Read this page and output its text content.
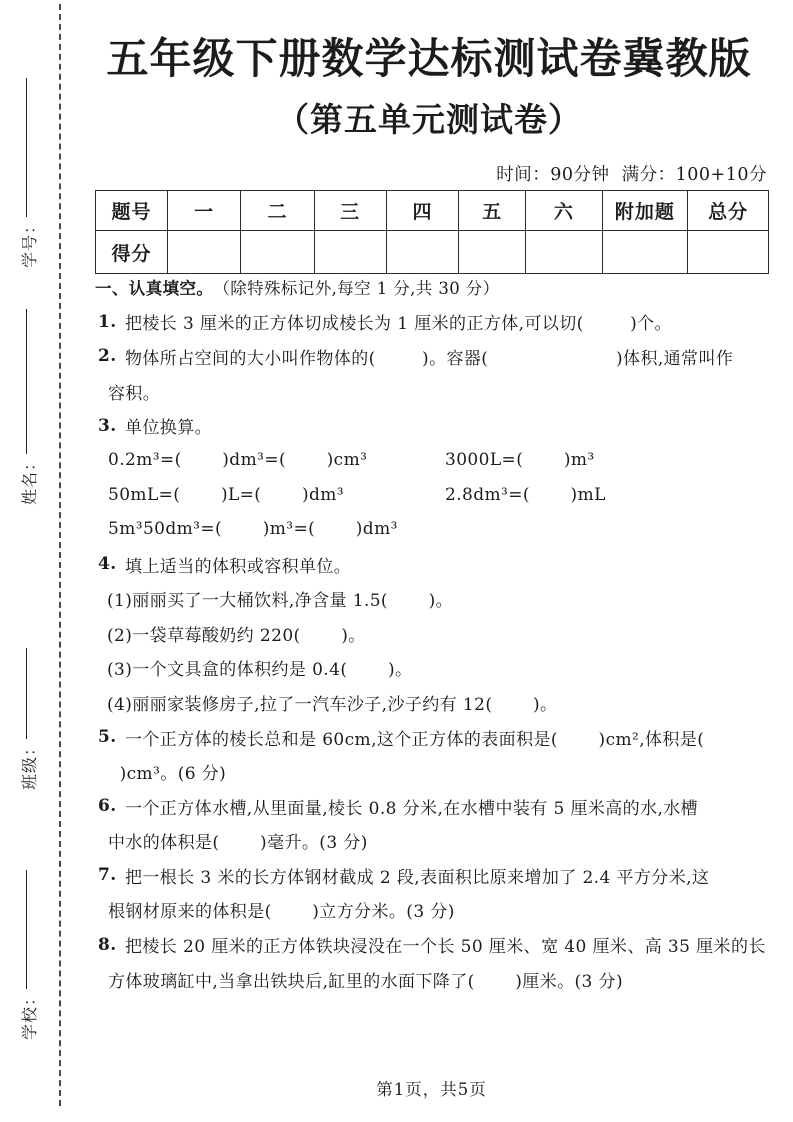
学号：
姓名：
班级：
学校：
五年级下册数学达标测试卷冀教版
（第五单元测试卷）
时间：90分钟  满分：100+10分
题号	一	二	三	四	五	六	附加题	总分
得分								
一、认真填空。 （除特殊标记外,每空 1 分,共 30 分）
1. 把棱长 3 厘米的正方体切成棱长为 1 厘米的正方体,可以切(        )个。
2. 物体所占空间的大小叫作物体的(        )。容器(                      )体积,通常叫作
容积。
3. 单位换算。
0.2m³=(       )dm³=(       )cm³	3000L=(       )m³
50mL=(       )L=(       )dm³	2.8dm³=(       )mL
5m³50dm³=(       )m³=(       )dm³
4. 填上适当的体积或容积单位。
(1)丽丽买了一大桶饮料,净含量 1.5(       )。
(2)一袋草莓酸奶约 220(       )。
(3)一个文具盒的体积约是 0.4(       )。
(4)丽丽家装修房子,拉了一汽车沙子,沙子约有 12(       )。
5. 一个正方体的棱长总和是 60cm,这个正方体的表面积是(       )cm²,体积是(
)cm³。(6 分)
6. 一个正方体水槽,从里面量,棱长 0.8 分米,在水槽中装有 5 厘米高的水,水槽
中水的体积是(       )毫升。(3 分)
7. 把一根长 3 米的长方体钢材截成 2 段,表面积比原来增加了 2.4 平方分米,这
根钢材原来的体积是(       )立方分米。(3 分)
8. 把棱长 20 厘米的正方体铁块浸没在一个长 50 厘米、宽 40 厘米、高 35 厘米的长
方体玻璃缸中,当拿出铁块后,缸里的水面下降了(       )厘米。(3 分)
第1页，共5页
